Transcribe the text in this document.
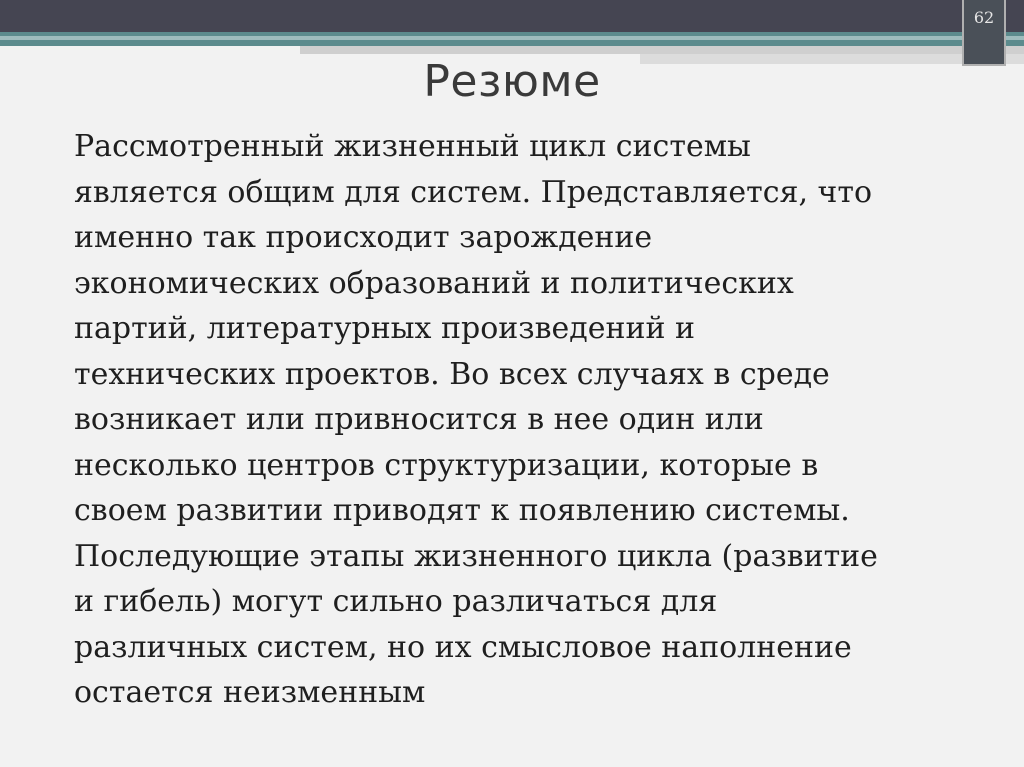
62
Резюме
Рассмотренный жизненный цикл системы
является общим для систем. Представляется, что
именно так происходит зарождение
экономических образований и политических
партий, литературных произведений и
технических проектов. Во всех случаях в среде
возникает или привносится в нее один или
несколько центров структуризации, которые в
своем развитии приводят к появлению системы.
Последующие этапы жизненного цикла (развитие
и гибель) могут сильно различаться для
различных систем, но их смысловое наполнение
остается неизменным
